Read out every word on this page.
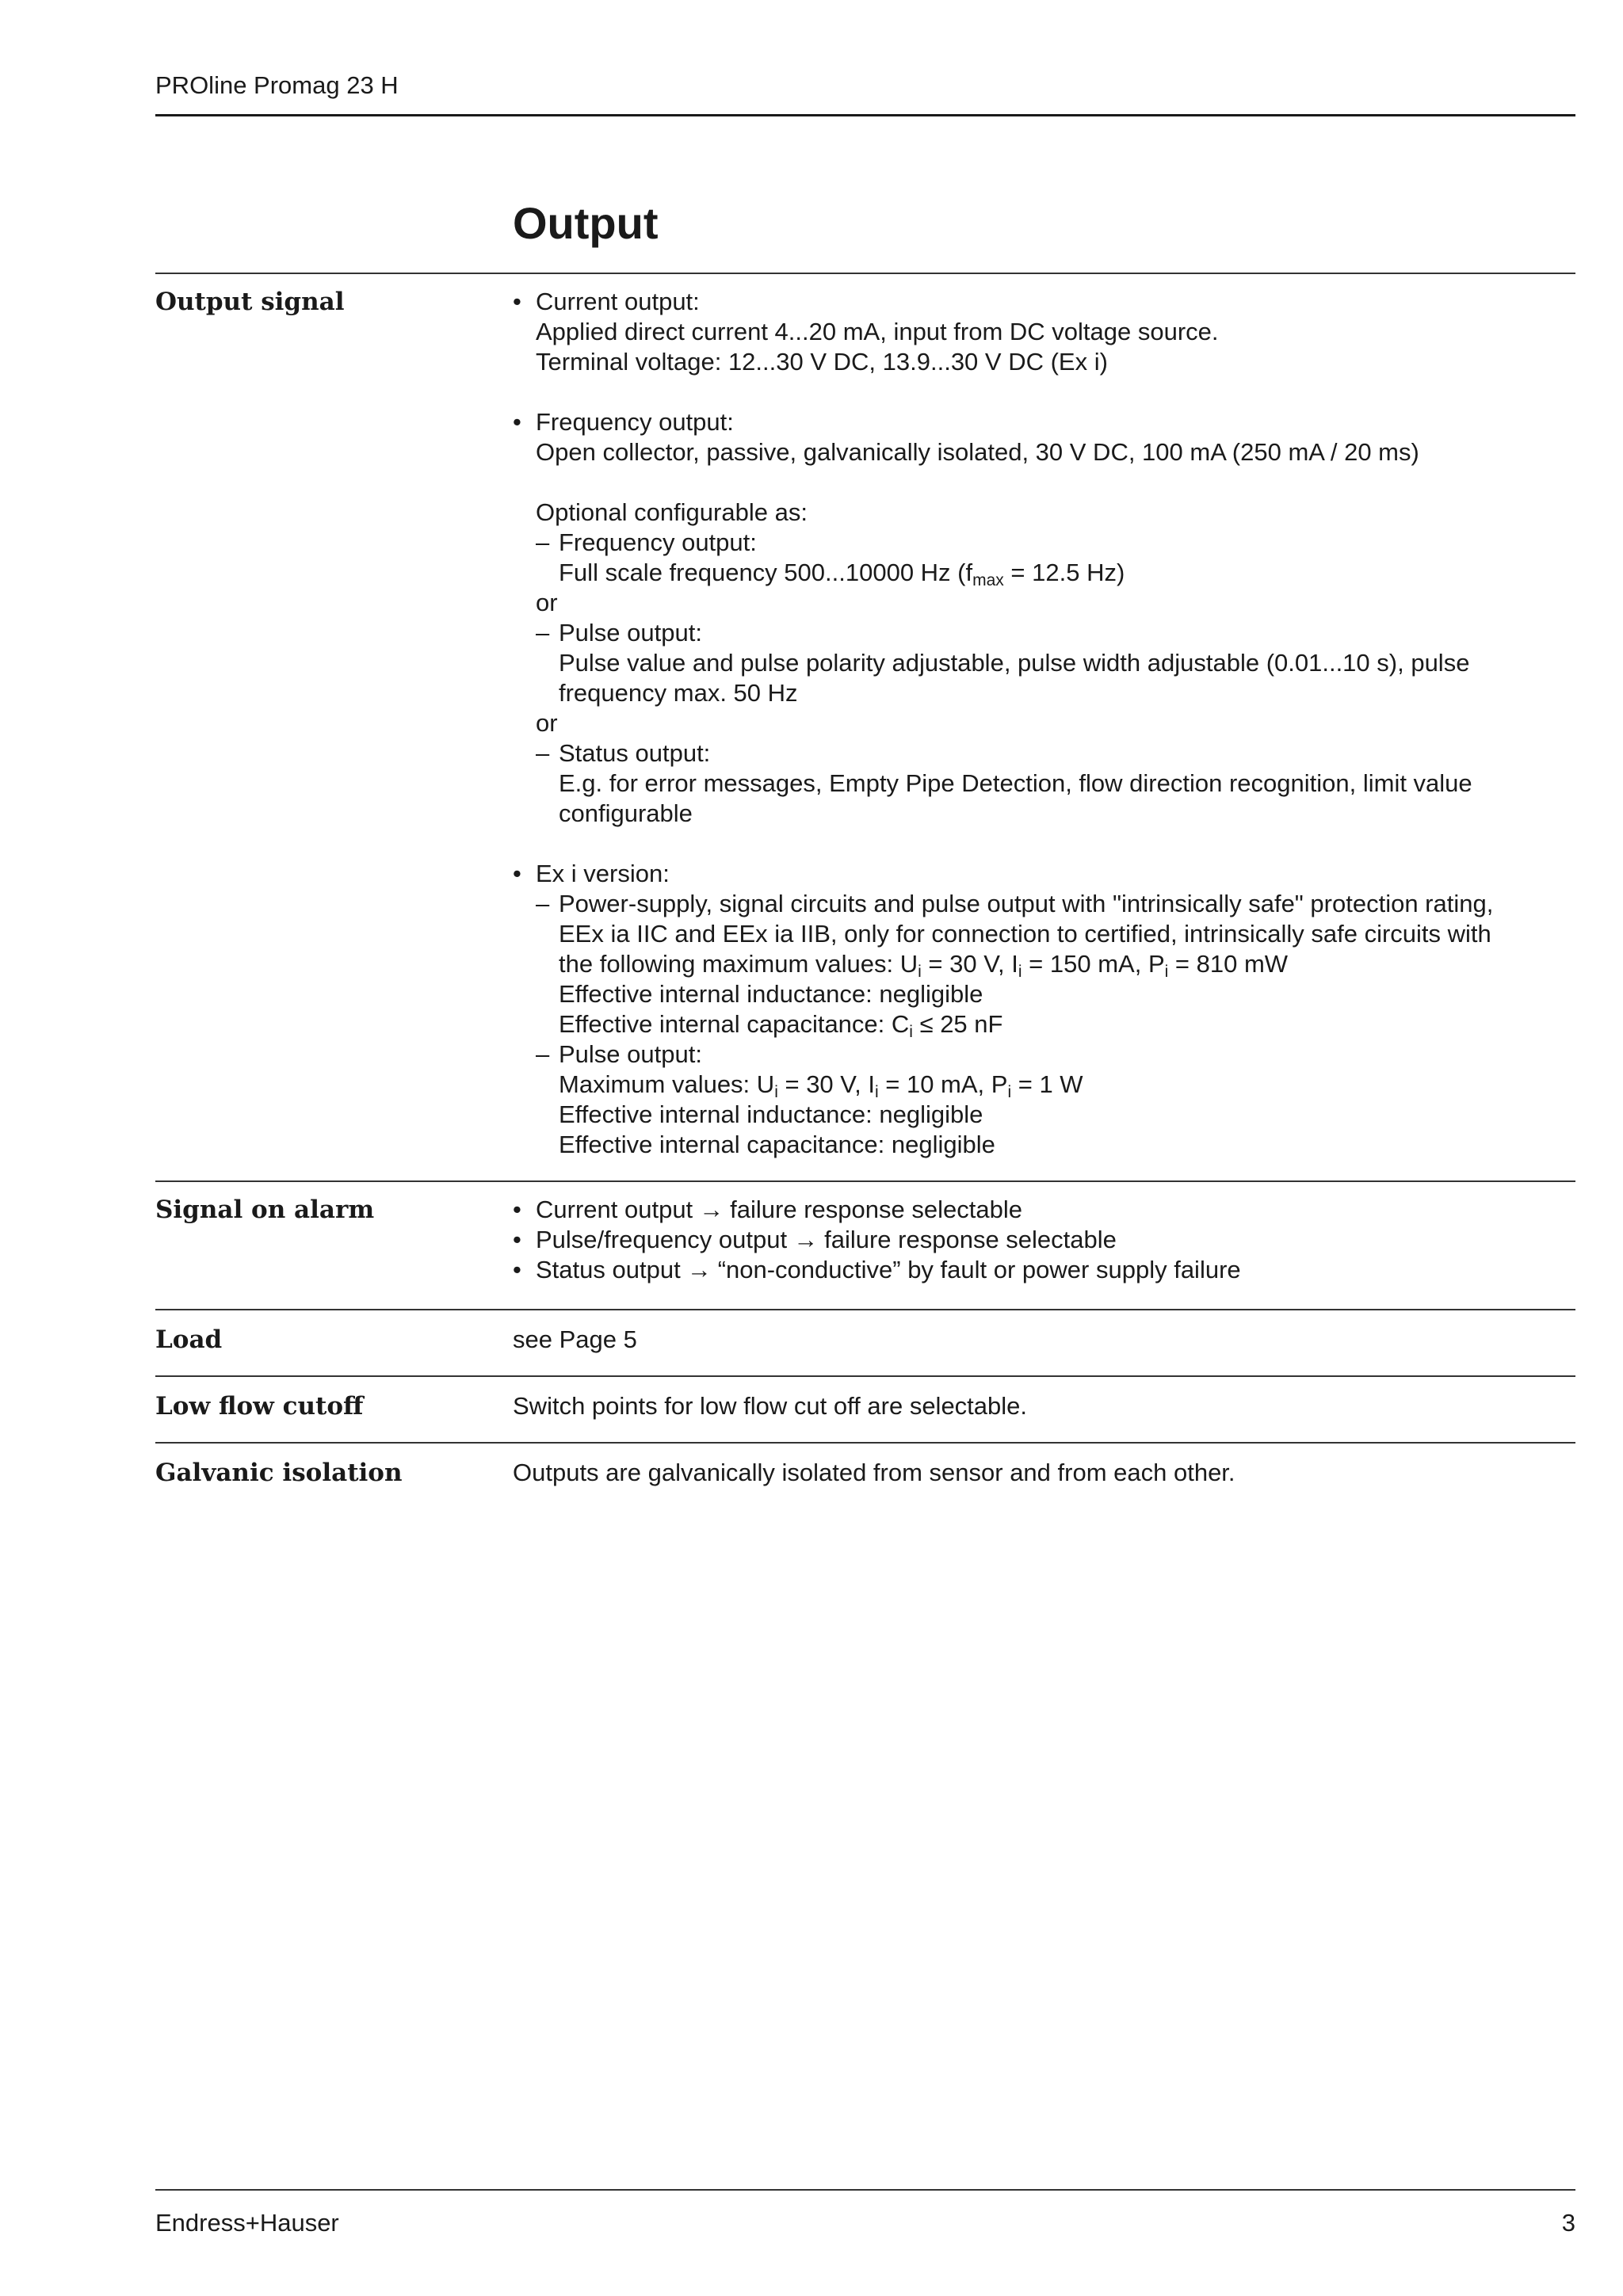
PROline Promag 23 H
Output
Output signal	• Current output:
Applied direct current 4...20 mA, input from DC voltage source.
Terminal voltage: 12...30 V DC, 13.9...30 V DC (Ex i)
• Frequency output:
Open collector, passive, galvanically isolated, 30 V DC, 100 mA (250 mA / 20 ms)
Optional configurable as:
– Frequency output:
Full scale frequency 500...10000 Hz ($f_{max} = 12.5$ Hz)
or
– Pulse output:
Pulse value and pulse polarity adjustable, pulse width adjustable (0.01...10 s), pulse
frequency max. 50 Hz
or
– Status output:
E.g. for error messages, Empty Pipe Detection, flow direction recognition, limit value
configurable
• Ex i version:
– Power-supply, signal circuits and pulse output with "intrinsically safe" protection rating,
EEx ia IIC and EEx ia IIB, only for connection to certified, intrinsically safe circuits with
the following maximum values: $U_i = 30$ V, $I_i = 150$ mA, $P_i = 810$ mW
Effective internal inductance: negligible
Effective internal capacitance: $C_i \le 25$ nF
– Pulse output:
Maximum values: $U_i = 30$ V, $I_i = 10$ mA, $P_i = 1$ W
Effective internal inductance: negligible
Effective internal capacitance: negligible
Signal on alarm	• Current output → failure response selectable
• Pulse/frequency output → failure response selectable
• Status output → “non-conductive” by fault or power supply failure
Load	see Page 5
Low flow cutoff	Switch points for low flow cut off are selectable.
Galvanic isolation	Outputs are galvanically isolated from sensor and from each other.
Endress+Hauser	3
